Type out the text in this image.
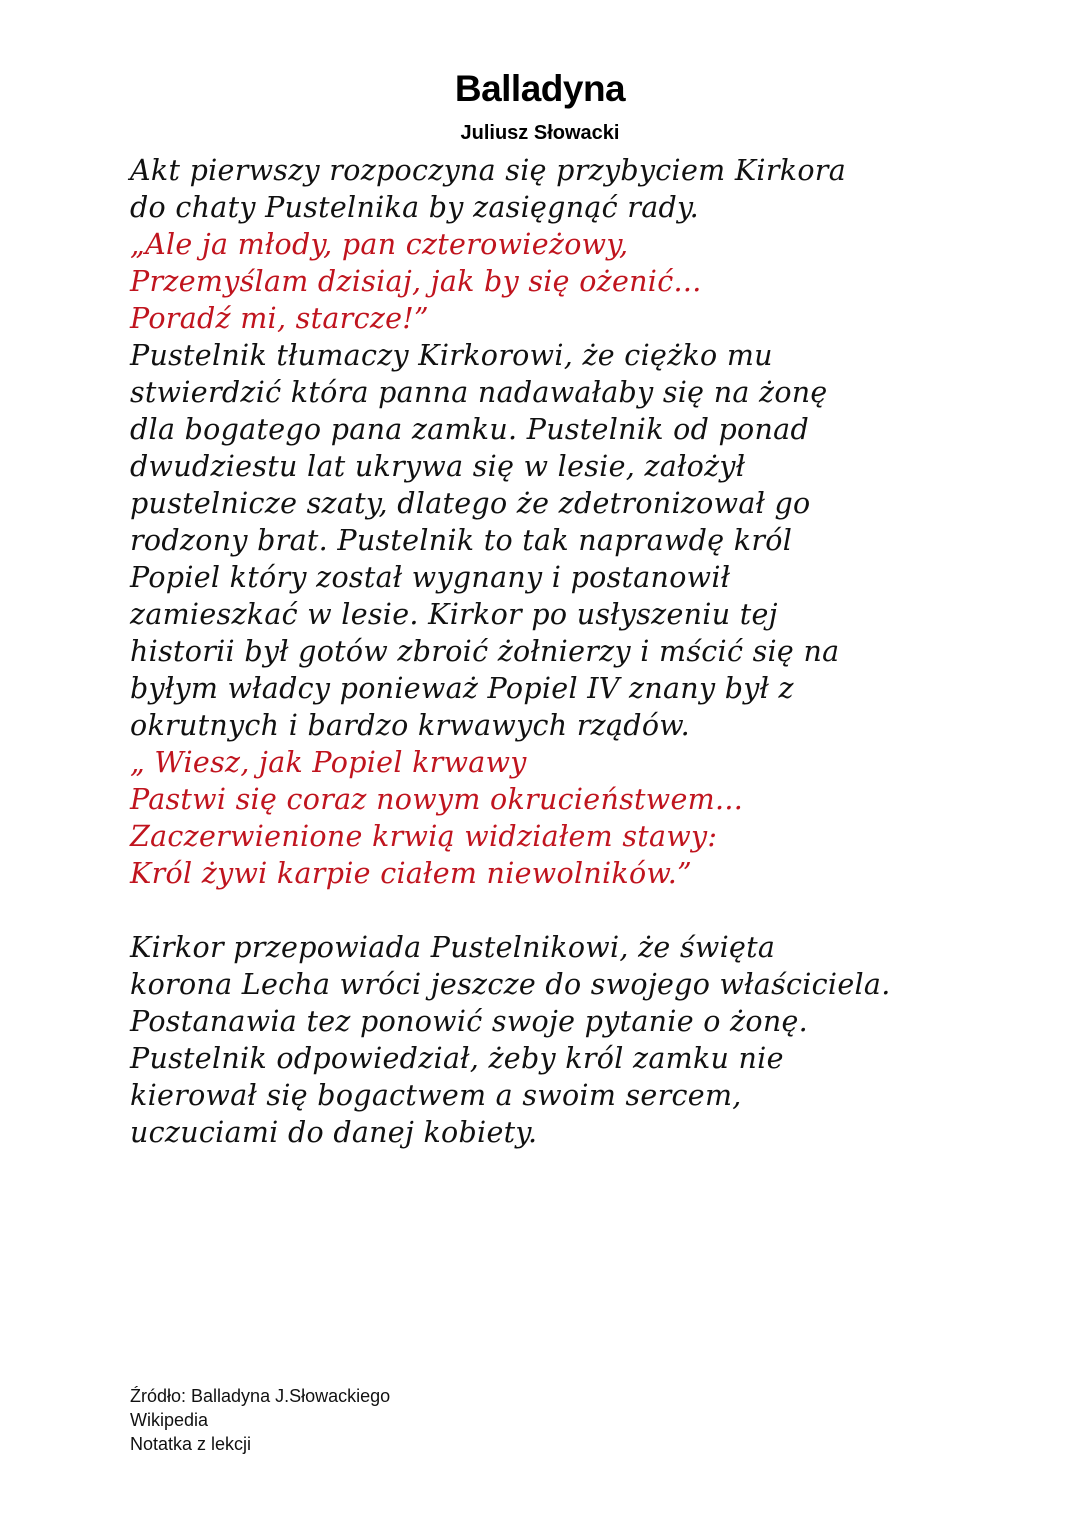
Balladyna
Juliusz Słowacki
Akt pierwszy rozpoczyna się przybyciem Kirkora
do chaty Pustelnika by zasięgnąć rady.
„Ale ja młody, pan czterowieżowy,
Przemyślam dzisiaj, jak by się ożenić...
Poradź mi, starcze!”
Pustelnik tłumaczy Kirkorowi, że ciężko mu
stwierdzić która panna nadawałaby się na żonę
dla bogatego pana zamku. Pustelnik od ponad
dwudziestu lat ukrywa się w lesie, założył
pustelnicze szaty, dlatego że zdetronizował go
rodzony brat. Pustelnik to tak naprawdę król
Popiel który został wygnany i postanowił
zamieszkać w lesie. Kirkor po usłyszeniu tej
historii był gotów zbroić żołnierzy i mścić się na
byłym władcy ponieważ Popiel IV znany był z
okrutnych i bardzo krwawych rządów.
„ Wiesz, jak Popiel krwawy
Pastwi się coraz nowym okrucieństwem...
Zaczerwienione krwią widziałem stawy:
Król żywi karpie ciałem niewolników.”
Kirkor przepowiada Pustelnikowi, że święta
korona Lecha wróci jeszcze do swojego właściciela.
Postanawia tez ponowić swoje pytanie o żonę.
Pustelnik odpowiedział, żeby król zamku nie
kierował się bogactwem a swoim sercem,
uczuciami do danej kobiety.
Źródło: Balladyna J.Słowackiego
Wikipedia
Notatka z lekcji
